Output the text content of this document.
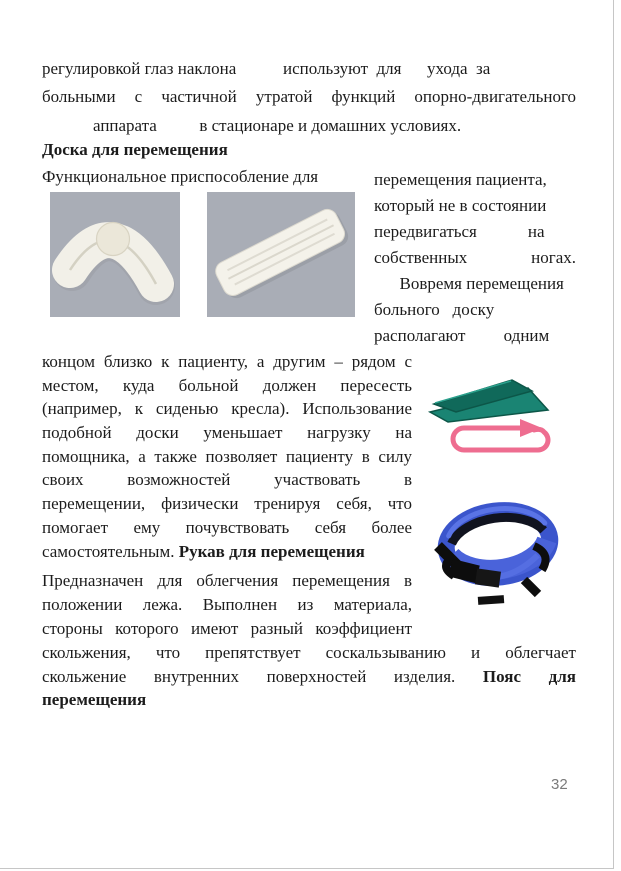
регулировкой глаз наклона           используют  для      ухода  за
больными с частичной утратой функций опорно-двигательного
аппарата          в стационаре и домашних условиях.
Доска для перемещения
Функциональное приспособление для	перемещения пациента,
который не в состоянии
передвигаться            на
собственных ногах.
Вовремя перемещения
больного   доску
располагают         одним
концом близко к пациенту, а другим – рядом с
местом, куда больной должен пересесть
(например, к сиденью кресла). Использование
подобной доски уменьшает нагрузку на
помощника, а также позволяет пациенту в силу
своих возможностей участвовать в
перемещении, физически тренируя себя, что
помогает ему почувствовать себя более
самостоятельным. Рукав для перемещения
Предназначен для облегчения перемещения в
положении лежа. Выполнен из материала,
стороны которого имеют разный коэффициент
скольжения, что препятствует соскальзыванию и облегчает
скольжение внутренних поверхностей изделия. Пояс для
перемещения
32
